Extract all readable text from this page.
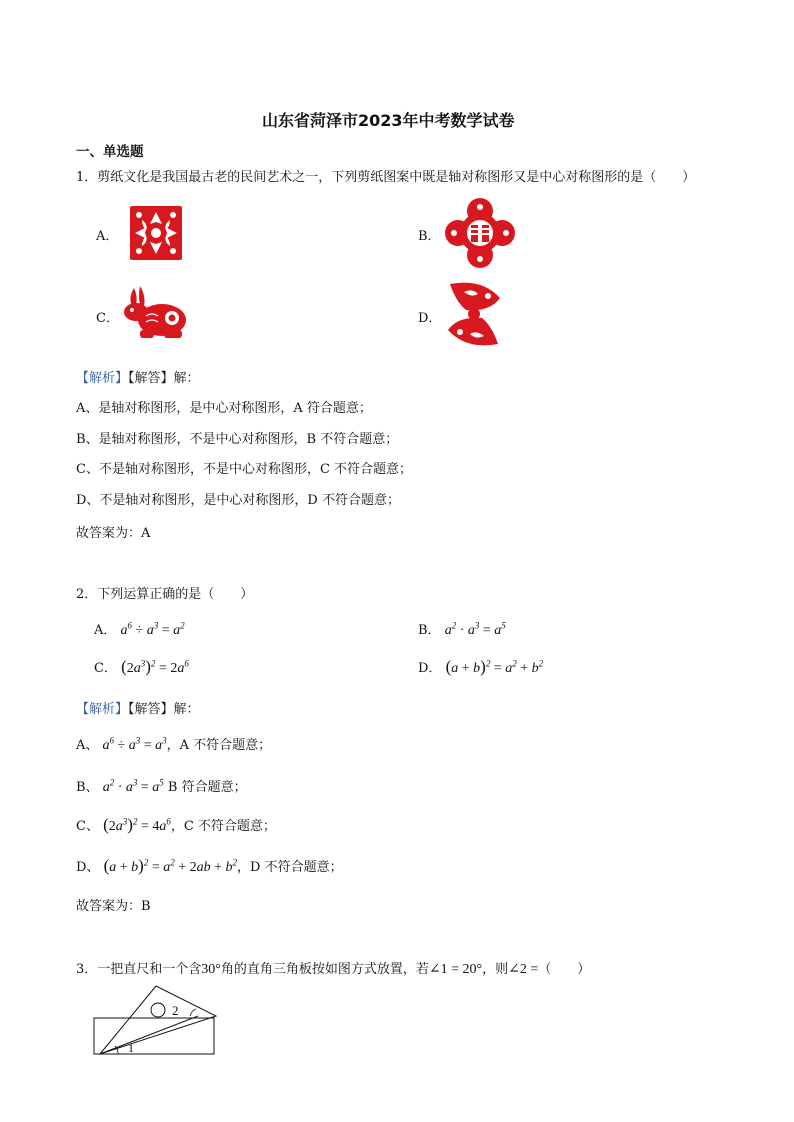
山东省菏泽市2023年中考数学试卷
一、单选题
1．剪纸文化是我国最古老的民间艺术之一，下列剪纸图案中既是轴对称图形又是中心对称图形的是（　　）
A．	B．
C．	D．
【解析】【解答】解：
A、是轴对称图形，是中心对称图形，A 符合题意；
B、是轴对称图形，不是中心对称图形，B 不符合题意；
C、不是轴对称图形，不是中心对称图形，C 不符合题意；
D、不是轴对称图形，是中心对称图形，D 不符合题意；
故答案为：A
2．下列运算正确的是（　　）
A． $a^6 \div a^3 = a^2$	B． $a^2 \cdot a^3 = a^5$
C． $(2a^3)^2 = 2a^6$	D． $(a + b)^2 = a^2 + b^2$
【解析】【解答】解：
A、 $a^6 \div a^3 = a^3$，A 不符合题意；
B、 $a^2 \cdot a^3 = a^5$ B 符合题意；
C、 $(2a^3)^2 = 4a^6$，C 不符合题意；
D、 $(a + b)^2 = a^2 + 2ab + b^2$，D 不符合题意；
故答案为：B
3．一把直尺和一个含30°角的直角三角板按如图方式放置，若∠1 = 20°，则∠2 =（　　）
1
2
